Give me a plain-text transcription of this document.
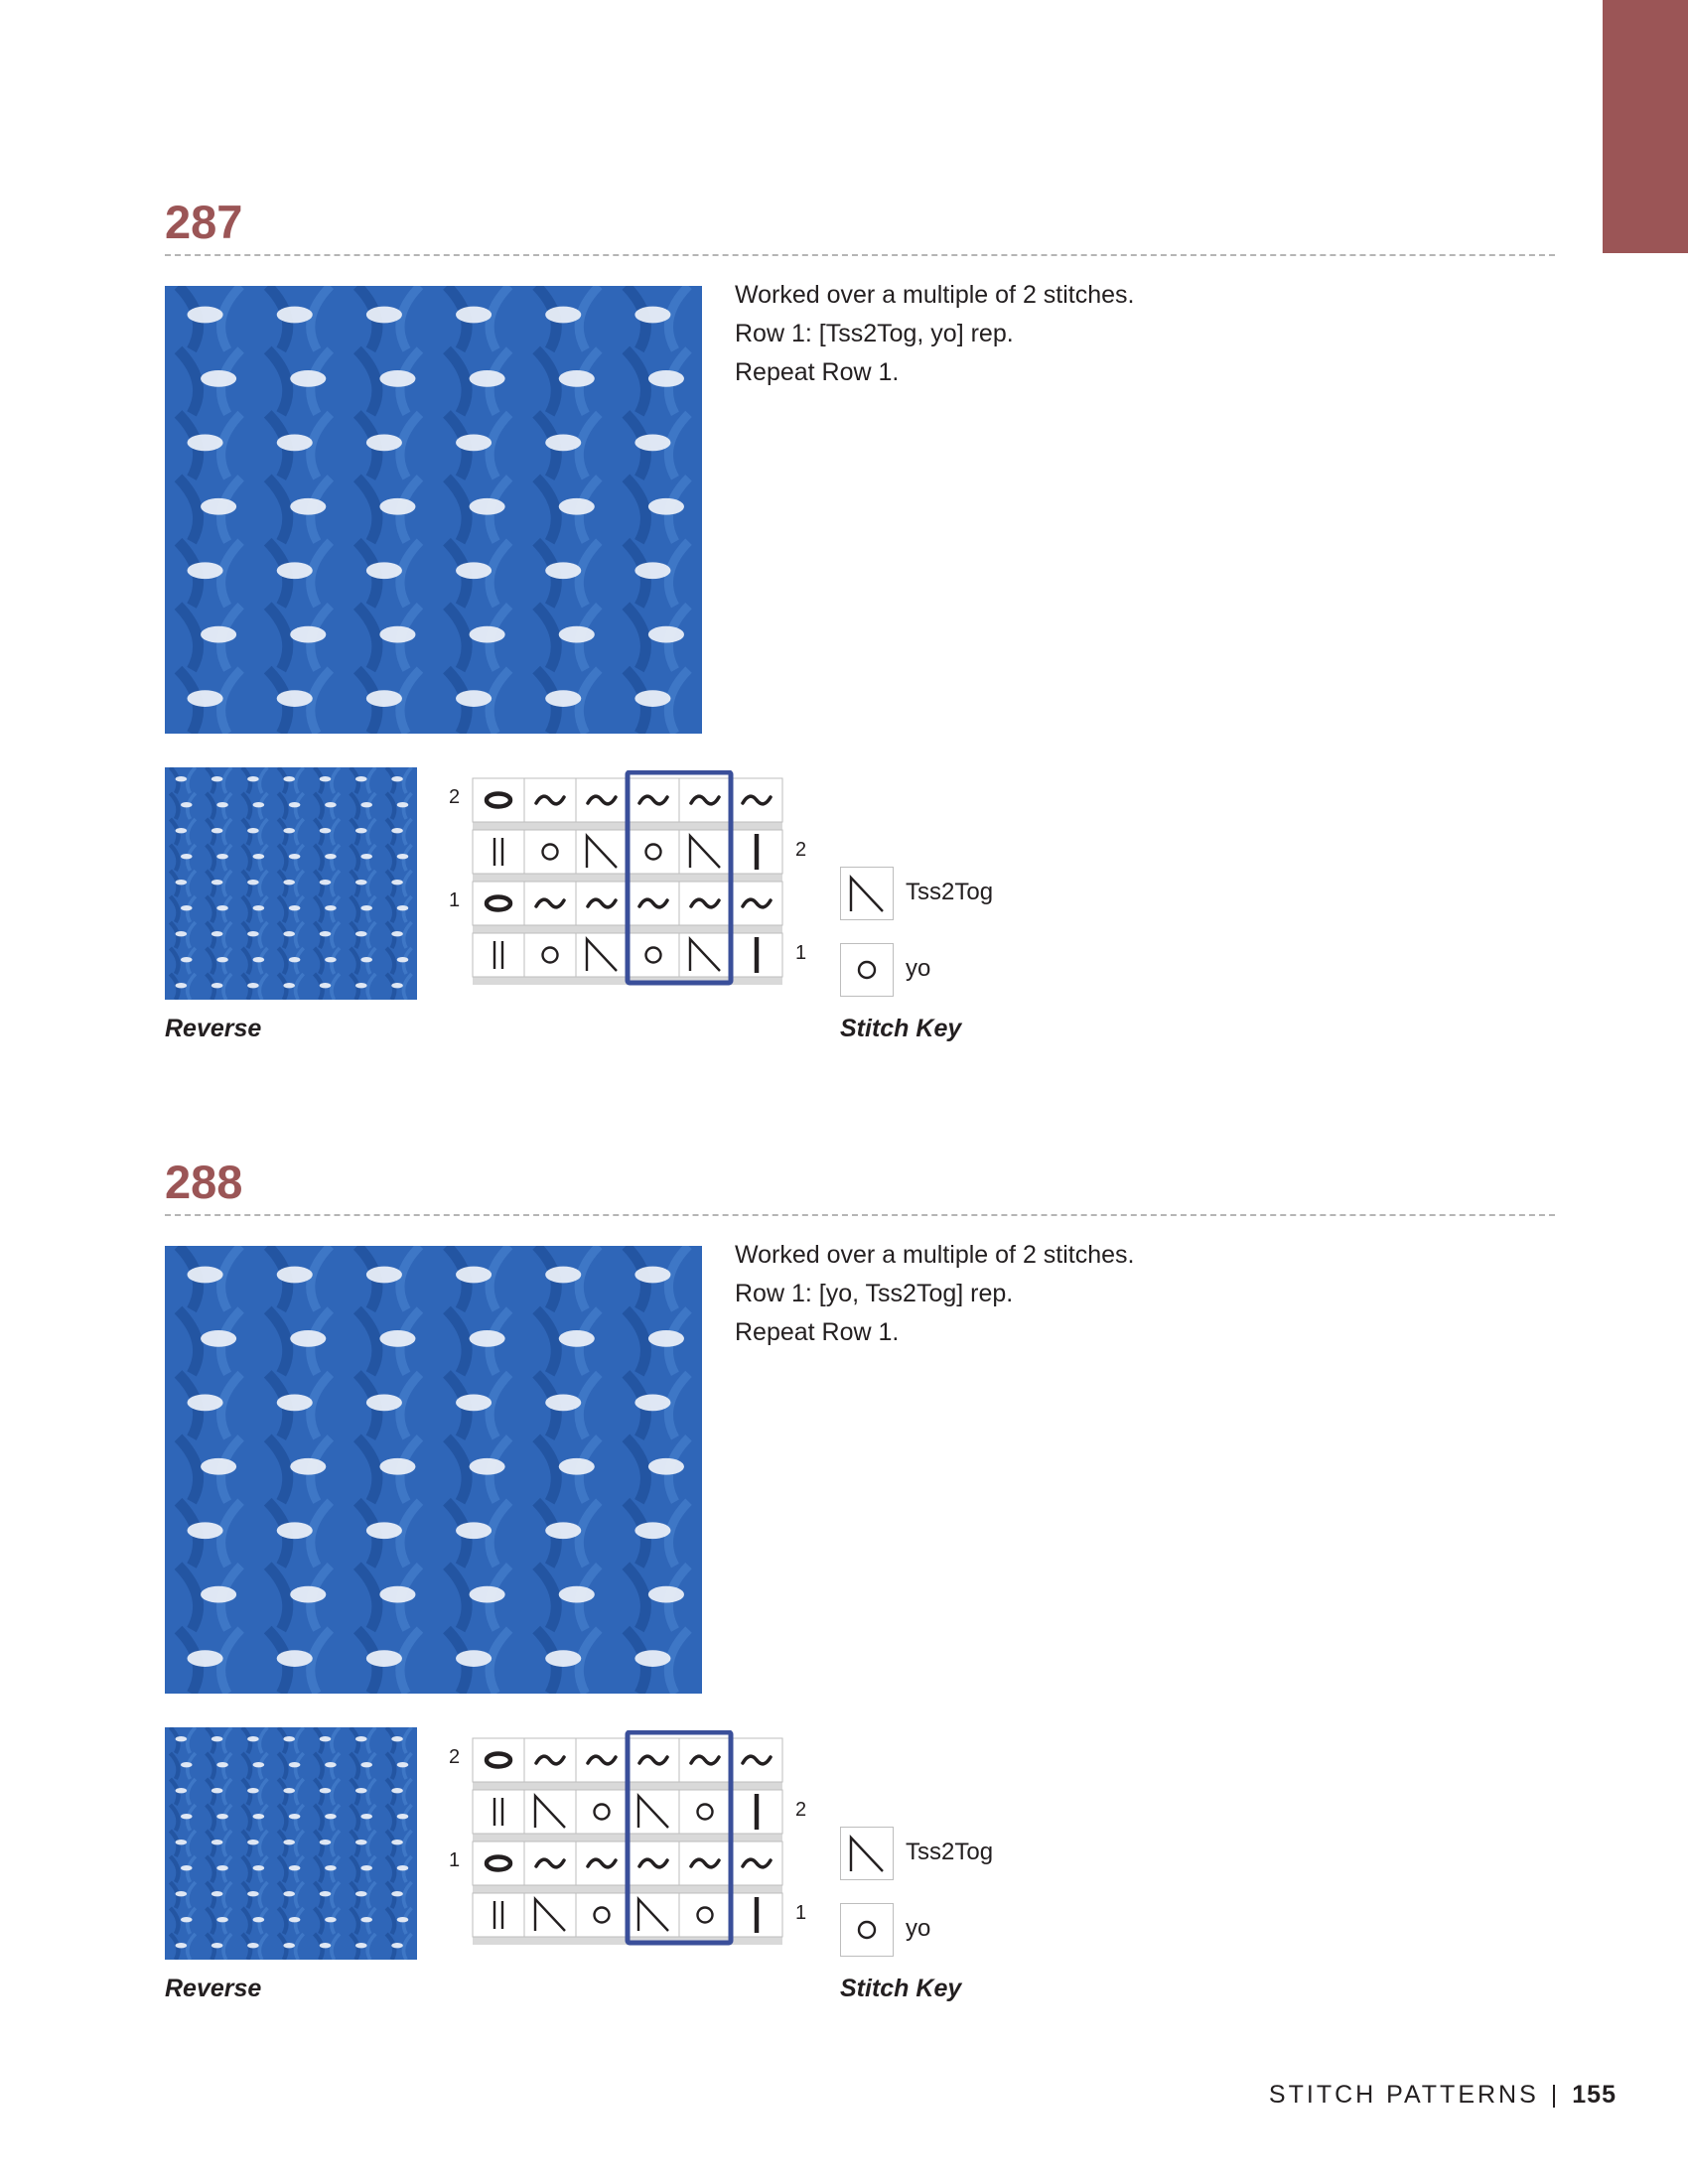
287

Worked over a multiple of 2 stitches.

Row 1: [Tss2Tog, yo] rep.

Repeat Row 1.

Reverse
2
1
2
1
Tss2Tog
yo
Stitch Key
288

Worked over a multiple of 2 stitches.

Row 1: [yo, Tss2Tog] rep.

Repeat Row 1.

Reverse
2
1
2
1
Tss2Tog
yo
Stitch Key
STITCH PATTERNS | 155
